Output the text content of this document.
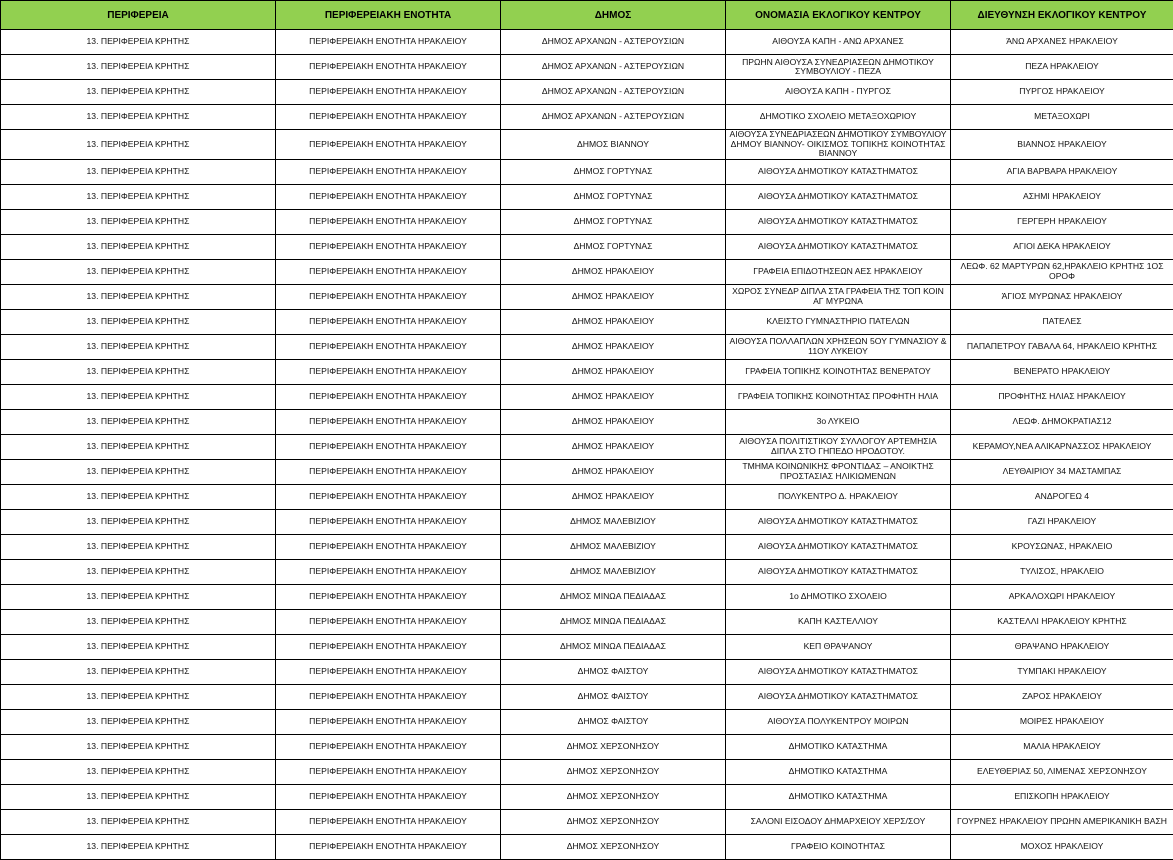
ΠΕΡΙΦΕΡΕΙΑ	ΠΕΡΙΦΕΡΕΙΑΚΗ ΕΝΟΤΗΤΑ	ΔΗΜΟΣ	ΟΝΟΜΑΣΙΑ ΕΚΛΟΓΙΚΟΥ ΚΕΝΤΡΟΥ	ΔΙΕΥΘΥΝΣΗ ΕΚΛΟΓΙΚΟΥ ΚΕΝΤΡΟΥ
13. ΠΕΡΙΦΕΡΕΙΑ ΚΡΗΤΗΣ	ΠΕΡΙΦΕΡΕΙΑΚΗ ΕΝΟΤΗΤΑ ΗΡΑΚΛΕΙΟΥ	ΔΗΜΟΣ ΑΡΧΑΝΩΝ - ΑΣΤΕΡΟΥΣΙΩΝ	ΑΙΘΟΥΣΑ ΚΑΠΗ - ΑΝΩ ΑΡΧΑΝΕΣ	ΆΝΩ ΑΡΧΑΝΕΣ ΗΡΑΚΛΕΙΟΥ
13. ΠΕΡΙΦΕΡΕΙΑ ΚΡΗΤΗΣ	ΠΕΡΙΦΕΡΕΙΑΚΗ ΕΝΟΤΗΤΑ ΗΡΑΚΛΕΙΟΥ	ΔΗΜΟΣ ΑΡΧΑΝΩΝ - ΑΣΤΕΡΟΥΣΙΩΝ	ΠΡΩΗΝ ΑΙΘΟΥΣΑ ΣΥΝΕΔΡΙΑΣΕΩΝ ΔΗΜΟΤΙΚΟΥ ΣΥΜΒΟΥΛΙΟΥ - ΠΕΖΑ	ΠΕΖΑ ΗΡΑΚΛΕΙΟΥ
13. ΠΕΡΙΦΕΡΕΙΑ ΚΡΗΤΗΣ	ΠΕΡΙΦΕΡΕΙΑΚΗ ΕΝΟΤΗΤΑ ΗΡΑΚΛΕΙΟΥ	ΔΗΜΟΣ ΑΡΧΑΝΩΝ - ΑΣΤΕΡΟΥΣΙΩΝ	ΑΙΘΟΥΣΑ ΚΑΠΗ - ΠΥΡΓΟΣ	ΠΥΡΓΟΣ ΗΡΑΚΛΕΙΟΥ
13. ΠΕΡΙΦΕΡΕΙΑ ΚΡΗΤΗΣ	ΠΕΡΙΦΕΡΕΙΑΚΗ ΕΝΟΤΗΤΑ ΗΡΑΚΛΕΙΟΥ	ΔΗΜΟΣ ΑΡΧΑΝΩΝ - ΑΣΤΕΡΟΥΣΙΩΝ	ΔΗΜΟΤΙΚΟ ΣΧΟΛΕΙΟ ΜΕΤΑΞΟΧΩΡΙΟΥ	ΜΕΤΑΞΟΧΩΡΙ
13. ΠΕΡΙΦΕΡΕΙΑ ΚΡΗΤΗΣ	ΠΕΡΙΦΕΡΕΙΑΚΗ ΕΝΟΤΗΤΑ ΗΡΑΚΛΕΙΟΥ	ΔΗΜΟΣ ΒΙΑΝΝΟΥ	ΑΙΘΟΥΣΑ ΣΥΝΕΔΡΙΑΣΕΩΝ ΔΗΜΟΤΙΚΟΥ ΣΥΜΒΟΥΛΙΟΥ ΔΗΜΟΥ ΒΙΑΝΝΟΥ- ΟΙΚΙΣΜΟΣ ΤΟΠΙΚΗΣ ΚΟΙΝΟΤΗΤΑΣ ΒΙΑΝΝΟΥ	ΒΙΑΝΝΟΣ ΗΡΑΚΛΕΙΟΥ
13. ΠΕΡΙΦΕΡΕΙΑ ΚΡΗΤΗΣ	ΠΕΡΙΦΕΡΕΙΑΚΗ ΕΝΟΤΗΤΑ ΗΡΑΚΛΕΙΟΥ	ΔΗΜΟΣ ΓΟΡΤΥΝΑΣ	ΑΙΘΟΥΣΑ ΔΗΜΟΤΙΚΟΥ ΚΑΤΑΣΤΗΜΑΤΟΣ	ΑΓΙΑ ΒΑΡΒΑΡΑ ΗΡΑΚΛΕΙΟΥ
13. ΠΕΡΙΦΕΡΕΙΑ ΚΡΗΤΗΣ	ΠΕΡΙΦΕΡΕΙΑΚΗ ΕΝΟΤΗΤΑ ΗΡΑΚΛΕΙΟΥ	ΔΗΜΟΣ ΓΟΡΤΥΝΑΣ	ΑΙΘΟΥΣΑ ΔΗΜΟΤΙΚΟΥ ΚΑΤΑΣΤΗΜΑΤΟΣ	ΑΣΗΜΙ ΗΡΑΚΛΕΙΟΥ
13. ΠΕΡΙΦΕΡΕΙΑ ΚΡΗΤΗΣ	ΠΕΡΙΦΕΡΕΙΑΚΗ ΕΝΟΤΗΤΑ ΗΡΑΚΛΕΙΟΥ	ΔΗΜΟΣ ΓΟΡΤΥΝΑΣ	ΑΙΘΟΥΣΑ ΔΗΜΟΤΙΚΟΥ ΚΑΤΑΣΤΗΜΑΤΟΣ	ΓΕΡΓΕΡΗ ΗΡΑΚΛΕΙΟΥ
13. ΠΕΡΙΦΕΡΕΙΑ ΚΡΗΤΗΣ	ΠΕΡΙΦΕΡΕΙΑΚΗ ΕΝΟΤΗΤΑ ΗΡΑΚΛΕΙΟΥ	ΔΗΜΟΣ ΓΟΡΤΥΝΑΣ	ΑΙΘΟΥΣΑ ΔΗΜΟΤΙΚΟΥ ΚΑΤΑΣΤΗΜΑΤΟΣ	ΑΓΙΟΙ ΔΕΚΑ ΗΡΑΚΛΕΙΟΥ
13. ΠΕΡΙΦΕΡΕΙΑ ΚΡΗΤΗΣ	ΠΕΡΙΦΕΡΕΙΑΚΗ ΕΝΟΤΗΤΑ ΗΡΑΚΛΕΙΟΥ	ΔΗΜΟΣ ΗΡΑΚΛΕΙΟΥ	ΓΡΑΦΕΙΑ ΕΠΙΔΟΤΗΣΕΩΝ ΑΕΣ ΗΡΑΚΛΕΙΟΥ	ΛΕΩΦ. 62 ΜΑΡΤΥΡΩΝ 62,ΗΡΑΚΛΕΙΟ ΚΡΗΤΗΣ 1ΟΣ ΟΡΟΦ
13. ΠΕΡΙΦΕΡΕΙΑ ΚΡΗΤΗΣ	ΠΕΡΙΦΕΡΕΙΑΚΗ ΕΝΟΤΗΤΑ ΗΡΑΚΛΕΙΟΥ	ΔΗΜΟΣ ΗΡΑΚΛΕΙΟΥ	ΧΩΡΟΣ ΣΥΝΕΔΡ ΔΙΠΛΑ ΣΤΑ ΓΡΑΦΕΙΑ ΤΗΣ ΤΟΠ ΚΟΙΝ ΑΓ ΜΥΡΩΝΑ	ΆΓΙΟΣ ΜΥΡΩΝΑΣ ΗΡΑΚΛΕΙΟΥ
13. ΠΕΡΙΦΕΡΕΙΑ ΚΡΗΤΗΣ	ΠΕΡΙΦΕΡΕΙΑΚΗ ΕΝΟΤΗΤΑ ΗΡΑΚΛΕΙΟΥ	ΔΗΜΟΣ ΗΡΑΚΛΕΙΟΥ	ΚΛΕΙΣΤΟ ΓΥΜΝΑΣΤΗΡΙΟ ΠΑΤΕΛΩΝ	ΠΑΤΕΛΕΣ
13. ΠΕΡΙΦΕΡΕΙΑ ΚΡΗΤΗΣ	ΠΕΡΙΦΕΡΕΙΑΚΗ ΕΝΟΤΗΤΑ ΗΡΑΚΛΕΙΟΥ	ΔΗΜΟΣ ΗΡΑΚΛΕΙΟΥ	ΑΙΘΟΥΣΑ ΠΟΛΛΑΠΛΩΝ ΧΡΗΣΕΩΝ 5ΟΥ ΓΥΜΝΑΣΙΟΥ & 11ΟΥ ΛΥΚΕΙΟΥ	ΠΑΠΑΠΕΤΡΟΥ ΓΑΒΑΛΑ 64, ΗΡΑΚΛΕΙΟ ΚΡΗΤΗΣ
13. ΠΕΡΙΦΕΡΕΙΑ ΚΡΗΤΗΣ	ΠΕΡΙΦΕΡΕΙΑΚΗ ΕΝΟΤΗΤΑ ΗΡΑΚΛΕΙΟΥ	ΔΗΜΟΣ ΗΡΑΚΛΕΙΟΥ	ΓΡΑΦΕΙΑ ΤΟΠΙΚΗΣ ΚΟΙΝΟΤΗΤΑΣ ΒΕΝΕΡΑΤΟΥ	ΒΕΝΕΡΑΤΟ ΗΡΑΚΛΕΙΟΥ
13. ΠΕΡΙΦΕΡΕΙΑ ΚΡΗΤΗΣ	ΠΕΡΙΦΕΡΕΙΑΚΗ ΕΝΟΤΗΤΑ ΗΡΑΚΛΕΙΟΥ	ΔΗΜΟΣ ΗΡΑΚΛΕΙΟΥ	ΓΡΑΦΕΙΑ ΤΟΠΙΚΗΣ ΚΟΙΝΟΤΗΤΑΣ ΠΡΟΦΗΤΗ ΗΛΙΑ	ΠΡΟΦΗΤΗΣ ΗΛΙΑΣ ΗΡΑΚΛΕΙΟΥ
13. ΠΕΡΙΦΕΡΕΙΑ ΚΡΗΤΗΣ	ΠΕΡΙΦΕΡΕΙΑΚΗ ΕΝΟΤΗΤΑ ΗΡΑΚΛΕΙΟΥ	ΔΗΜΟΣ ΗΡΑΚΛΕΙΟΥ	3ο ΛΥΚΕΙΟ	ΛΕΩΦ. ΔΗΜΟΚΡΑΤΙΑΣ12
13. ΠΕΡΙΦΕΡΕΙΑ ΚΡΗΤΗΣ	ΠΕΡΙΦΕΡΕΙΑΚΗ ΕΝΟΤΗΤΑ ΗΡΑΚΛΕΙΟΥ	ΔΗΜΟΣ ΗΡΑΚΛΕΙΟΥ	ΑΙΘΟΥΣΑ ΠΟΛΙΤΙΣΤΙΚΟΥ ΣΥΛΛΟΓΟΥ ΑΡΤΕΜΗΣΙΑ ΔΙΠΛΑ ΣΤΟ ΓΗΠΕΔΟ ΗΡΟΔΟΤΟΥ.	ΚΕΡΑΜΟΥ,ΝΕΑ ΑΛΙΚΑΡΝΑΣΣΟΣ ΗΡΑΚΛΕΙΟΥ
13. ΠΕΡΙΦΕΡΕΙΑ ΚΡΗΤΗΣ	ΠΕΡΙΦΕΡΕΙΑΚΗ ΕΝΟΤΗΤΑ ΗΡΑΚΛΕΙΟΥ	ΔΗΜΟΣ ΗΡΑΚΛΕΙΟΥ	ΤΜΗΜΑ ΚΟΙΝΩΝΙΚΗΣ ΦΡΟΝΤΙΔΑΣ – ΑΝΟΙΚΤΗΣ ΠΡΟΣΤΑΣΙΑΣ ΗΛΙΚΙΩΜΕΝΩΝ	ΛΕΥΘΑΙΡΙΟΥ 34 ΜΑΣΤΑΜΠΑΣ
13. ΠΕΡΙΦΕΡΕΙΑ ΚΡΗΤΗΣ	ΠΕΡΙΦΕΡΕΙΑΚΗ ΕΝΟΤΗΤΑ ΗΡΑΚΛΕΙΟΥ	ΔΗΜΟΣ ΗΡΑΚΛΕΙΟΥ	ΠΟΛΥΚΕΝΤΡΟ Δ. ΗΡΑΚΛΕΙΟΥ	ΑΝΔΡΟΓΕΩ 4
13. ΠΕΡΙΦΕΡΕΙΑ ΚΡΗΤΗΣ	ΠΕΡΙΦΕΡΕΙΑΚΗ ΕΝΟΤΗΤΑ ΗΡΑΚΛΕΙΟΥ	ΔΗΜΟΣ ΜΑΛΕΒΙΖΙΟΥ	ΑΙΘΟΥΣΑ ΔΗΜΟΤΙΚΟΥ ΚΑΤΑΣΤΗΜΑΤΟΣ	ΓΑΖΙ ΗΡΑΚΛΕΙΟΥ
13. ΠΕΡΙΦΕΡΕΙΑ ΚΡΗΤΗΣ	ΠΕΡΙΦΕΡΕΙΑΚΗ ΕΝΟΤΗΤΑ ΗΡΑΚΛΕΙΟΥ	ΔΗΜΟΣ ΜΑΛΕΒΙΖΙΟΥ	ΑΙΘΟΥΣΑ ΔΗΜΟΤΙΚΟΥ ΚΑΤΑΣΤΗΜΑΤΟΣ	ΚΡΟΥΣΩΝΑΣ, ΗΡΑΚΛΕΙΟ
13. ΠΕΡΙΦΕΡΕΙΑ ΚΡΗΤΗΣ	ΠΕΡΙΦΕΡΕΙΑΚΗ ΕΝΟΤΗΤΑ ΗΡΑΚΛΕΙΟΥ	ΔΗΜΟΣ ΜΑΛΕΒΙΖΙΟΥ	ΑΙΘΟΥΣΑ ΔΗΜΟΤΙΚΟΥ ΚΑΤΑΣΤΗΜΑΤΟΣ	ΤΥΛΙΣΟΣ, ΗΡΑΚΛΕΙΟ
13. ΠΕΡΙΦΕΡΕΙΑ ΚΡΗΤΗΣ	ΠΕΡΙΦΕΡΕΙΑΚΗ ΕΝΟΤΗΤΑ ΗΡΑΚΛΕΙΟΥ	ΔΗΜΟΣ ΜΙΝΩΑ ΠΕΔΙΑΔΑΣ	1ο ΔΗΜΟΤΙΚΟ ΣΧΟΛΕΙΟ	ΑΡΚΑΛΟΧΩΡΙ ΗΡΑΚΛΕΙΟΥ
13. ΠΕΡΙΦΕΡΕΙΑ ΚΡΗΤΗΣ	ΠΕΡΙΦΕΡΕΙΑΚΗ ΕΝΟΤΗΤΑ ΗΡΑΚΛΕΙΟΥ	ΔΗΜΟΣ ΜΙΝΩΑ ΠΕΔΙΑΔΑΣ	ΚΑΠΗ ΚΑΣΤΕΛΛΙΟΥ	ΚΑΣΤΕΛΛΙ ΗΡΑΚΛΕΙΟΥ ΚΡΗΤΗΣ
13. ΠΕΡΙΦΕΡΕΙΑ ΚΡΗΤΗΣ	ΠΕΡΙΦΕΡΕΙΑΚΗ ΕΝΟΤΗΤΑ ΗΡΑΚΛΕΙΟΥ	ΔΗΜΟΣ ΜΙΝΩΑ ΠΕΔΙΑΔΑΣ	ΚΕΠ ΘΡΑΨΑΝΟΥ	ΘΡΑΨΑΝΟ ΗΡΑΚΛΕΙΟΥ
13. ΠΕΡΙΦΕΡΕΙΑ ΚΡΗΤΗΣ	ΠΕΡΙΦΕΡΕΙΑΚΗ ΕΝΟΤΗΤΑ ΗΡΑΚΛΕΙΟΥ	ΔΗΜΟΣ ΦΑΙΣΤΟΥ	ΑΙΘΟΥΣΑ ΔΗΜΟΤΙΚΟΥ ΚΑΤΑΣΤΗΜΑΤΟΣ	ΤΥΜΠΑΚΙ ΗΡΑΚΛΕΙΟΥ
13. ΠΕΡΙΦΕΡΕΙΑ ΚΡΗΤΗΣ	ΠΕΡΙΦΕΡΕΙΑΚΗ ΕΝΟΤΗΤΑ ΗΡΑΚΛΕΙΟΥ	ΔΗΜΟΣ ΦΑΙΣΤΟΥ	ΑΙΘΟΥΣΑ ΔΗΜΟΤΙΚΟΥ ΚΑΤΑΣΤΗΜΑΤΟΣ	ΖΑΡΟΣ ΗΡΑΚΛΕΙΟΥ
13. ΠΕΡΙΦΕΡΕΙΑ ΚΡΗΤΗΣ	ΠΕΡΙΦΕΡΕΙΑΚΗ ΕΝΟΤΗΤΑ ΗΡΑΚΛΕΙΟΥ	ΔΗΜΟΣ ΦΑΙΣΤΟΥ	ΑΙΘΟΥΣΑ ΠΟΛΥΚΕΝΤΡΟΥ ΜΟΙΡΩΝ	ΜΟΙΡΕΣ ΗΡΑΚΛΕΙΟΥ
13. ΠΕΡΙΦΕΡΕΙΑ ΚΡΗΤΗΣ	ΠΕΡΙΦΕΡΕΙΑΚΗ ΕΝΟΤΗΤΑ ΗΡΑΚΛΕΙΟΥ	ΔΗΜΟΣ ΧΕΡΣΟΝΗΣΟΥ	ΔΗΜΟΤΙΚΟ ΚΑΤΑΣΤΗΜΑ	ΜΑΛΙΑ ΗΡΑΚΛΕΙΟΥ
13. ΠΕΡΙΦΕΡΕΙΑ ΚΡΗΤΗΣ	ΠΕΡΙΦΕΡΕΙΑΚΗ ΕΝΟΤΗΤΑ ΗΡΑΚΛΕΙΟΥ	ΔΗΜΟΣ ΧΕΡΣΟΝΗΣΟΥ	ΔΗΜΟΤΙΚΟ ΚΑΤΑΣΤΗΜΑ	ΕΛΕΥΘΕΡΙΑΣ 50, ΛΙΜΕΝΑΣ ΧΕΡΣΟΝΗΣΟΥ
13. ΠΕΡΙΦΕΡΕΙΑ ΚΡΗΤΗΣ	ΠΕΡΙΦΕΡΕΙΑΚΗ ΕΝΟΤΗΤΑ ΗΡΑΚΛΕΙΟΥ	ΔΗΜΟΣ ΧΕΡΣΟΝΗΣΟΥ	ΔΗΜΟΤΙΚΟ ΚΑΤΑΣΤΗΜΑ	ΕΠΙΣΚΟΠΗ ΗΡΑΚΛΕΙΟΥ
13. ΠΕΡΙΦΕΡΕΙΑ ΚΡΗΤΗΣ	ΠΕΡΙΦΕΡΕΙΑΚΗ ΕΝΟΤΗΤΑ ΗΡΑΚΛΕΙΟΥ	ΔΗΜΟΣ ΧΕΡΣΟΝΗΣΟΥ	ΣΑΛΟΝΙ ΕΙΣΟΔΟΥ ΔΗΜΑΡΧΕΙΟΥ ΧΕΡΣ/ΣΟΥ	ΓΟΥΡΝΕΣ ΗΡΑΚΛΕΙΟΥ ΠΡΩΗΝ ΑΜΕΡΙΚΑΝΙΚΗ ΒΑΣΗ
13. ΠΕΡΙΦΕΡΕΙΑ ΚΡΗΤΗΣ	ΠΕΡΙΦΕΡΕΙΑΚΗ ΕΝΟΤΗΤΑ ΗΡΑΚΛΕΙΟΥ	ΔΗΜΟΣ ΧΕΡΣΟΝΗΣΟΥ	ΓΡΑΦΕΙΟ ΚΟΙΝΟΤΗΤΑΣ	ΜΟΧΟΣ ΗΡΑΚΛΕΙΟΥ
